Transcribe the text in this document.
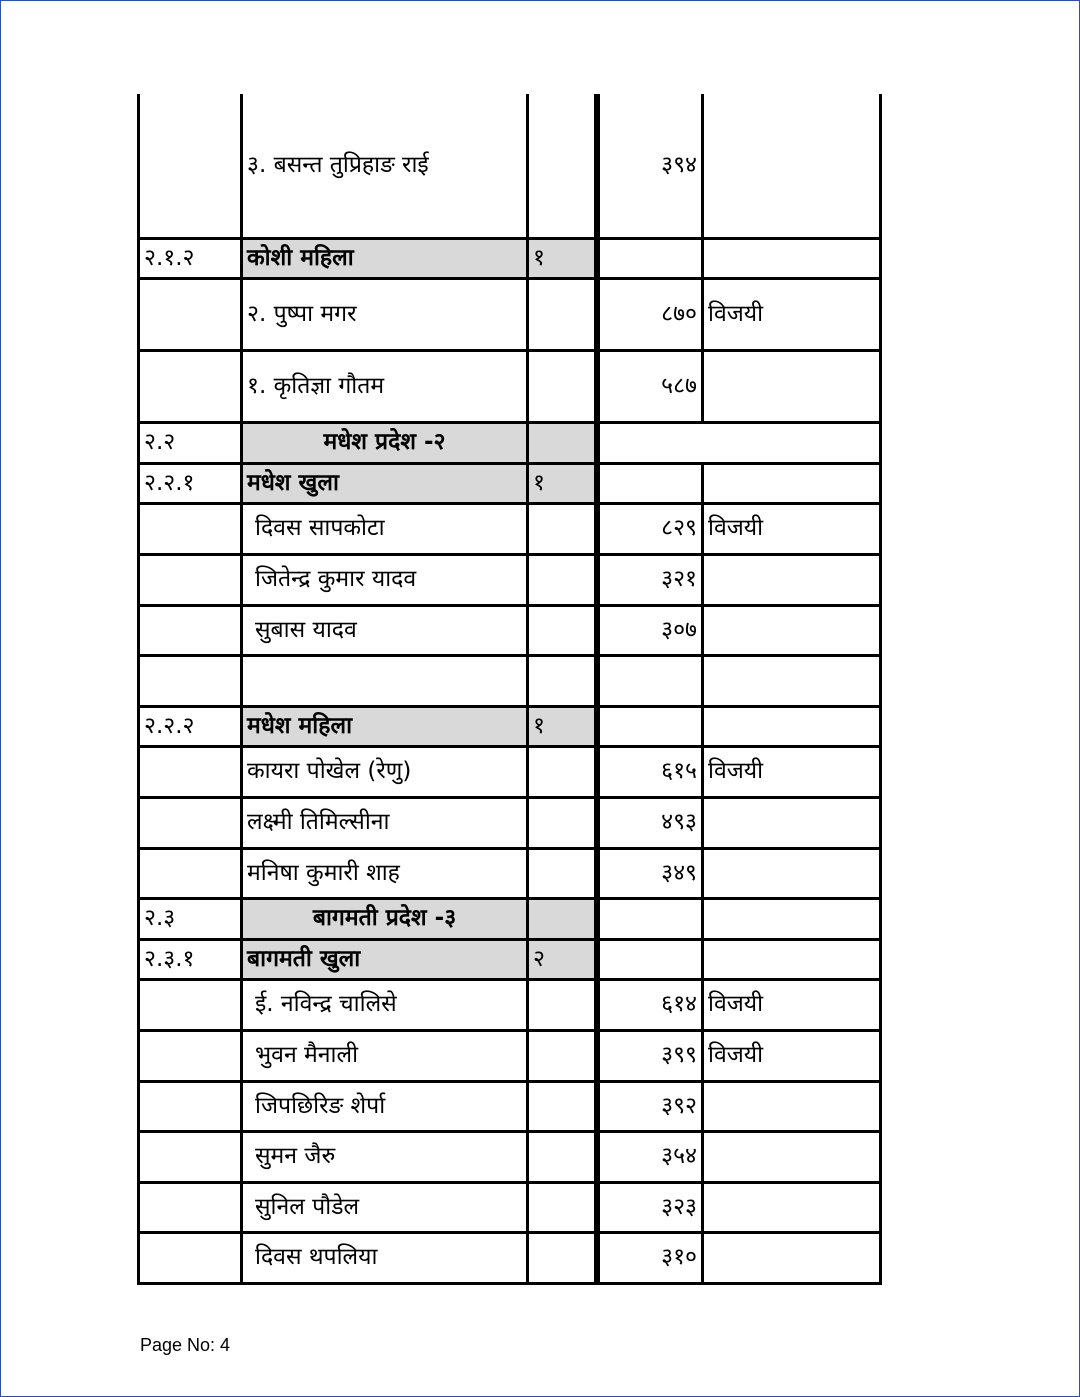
	३. बसन्त तुप्रिहाङ राई			३९४	
२.१.२	कोशी महिला	१			
	२. पुष्पा मगर			८७०	विजयी
	१. कृतिज्ञा गौतम			५८७	
२.२	मधेश प्रदेश -२				
२.२.१	मधेश खुला	१			
	दिवस सापकोटा			८२९	विजयी
	जितेन्द्र कुमार यादव			३२१	
	सुबास यादव			३०७	

२.२.२	मधेश महिला	१			
	कायरा पोखेल (रेणु)			६१५	विजयी
	लक्ष्मी तिमिल्सीना			४९३	
	मनिषा कुमारी शाह			३४९	
२.३	बागमती प्रदेश -३				
२.३.१	बागमती खुला	२			
	ई. नविन्द्र चालिसे			६१४	विजयी
	भुवन मैनाली			३९९	विजयी
	जिपछिरिङ शेर्पा			३९२	
	सुमन जैरु			३५४	
	सुनिल पौडेल			३२३	
	दिवस थपलिया			३१०	
Page No: 4
